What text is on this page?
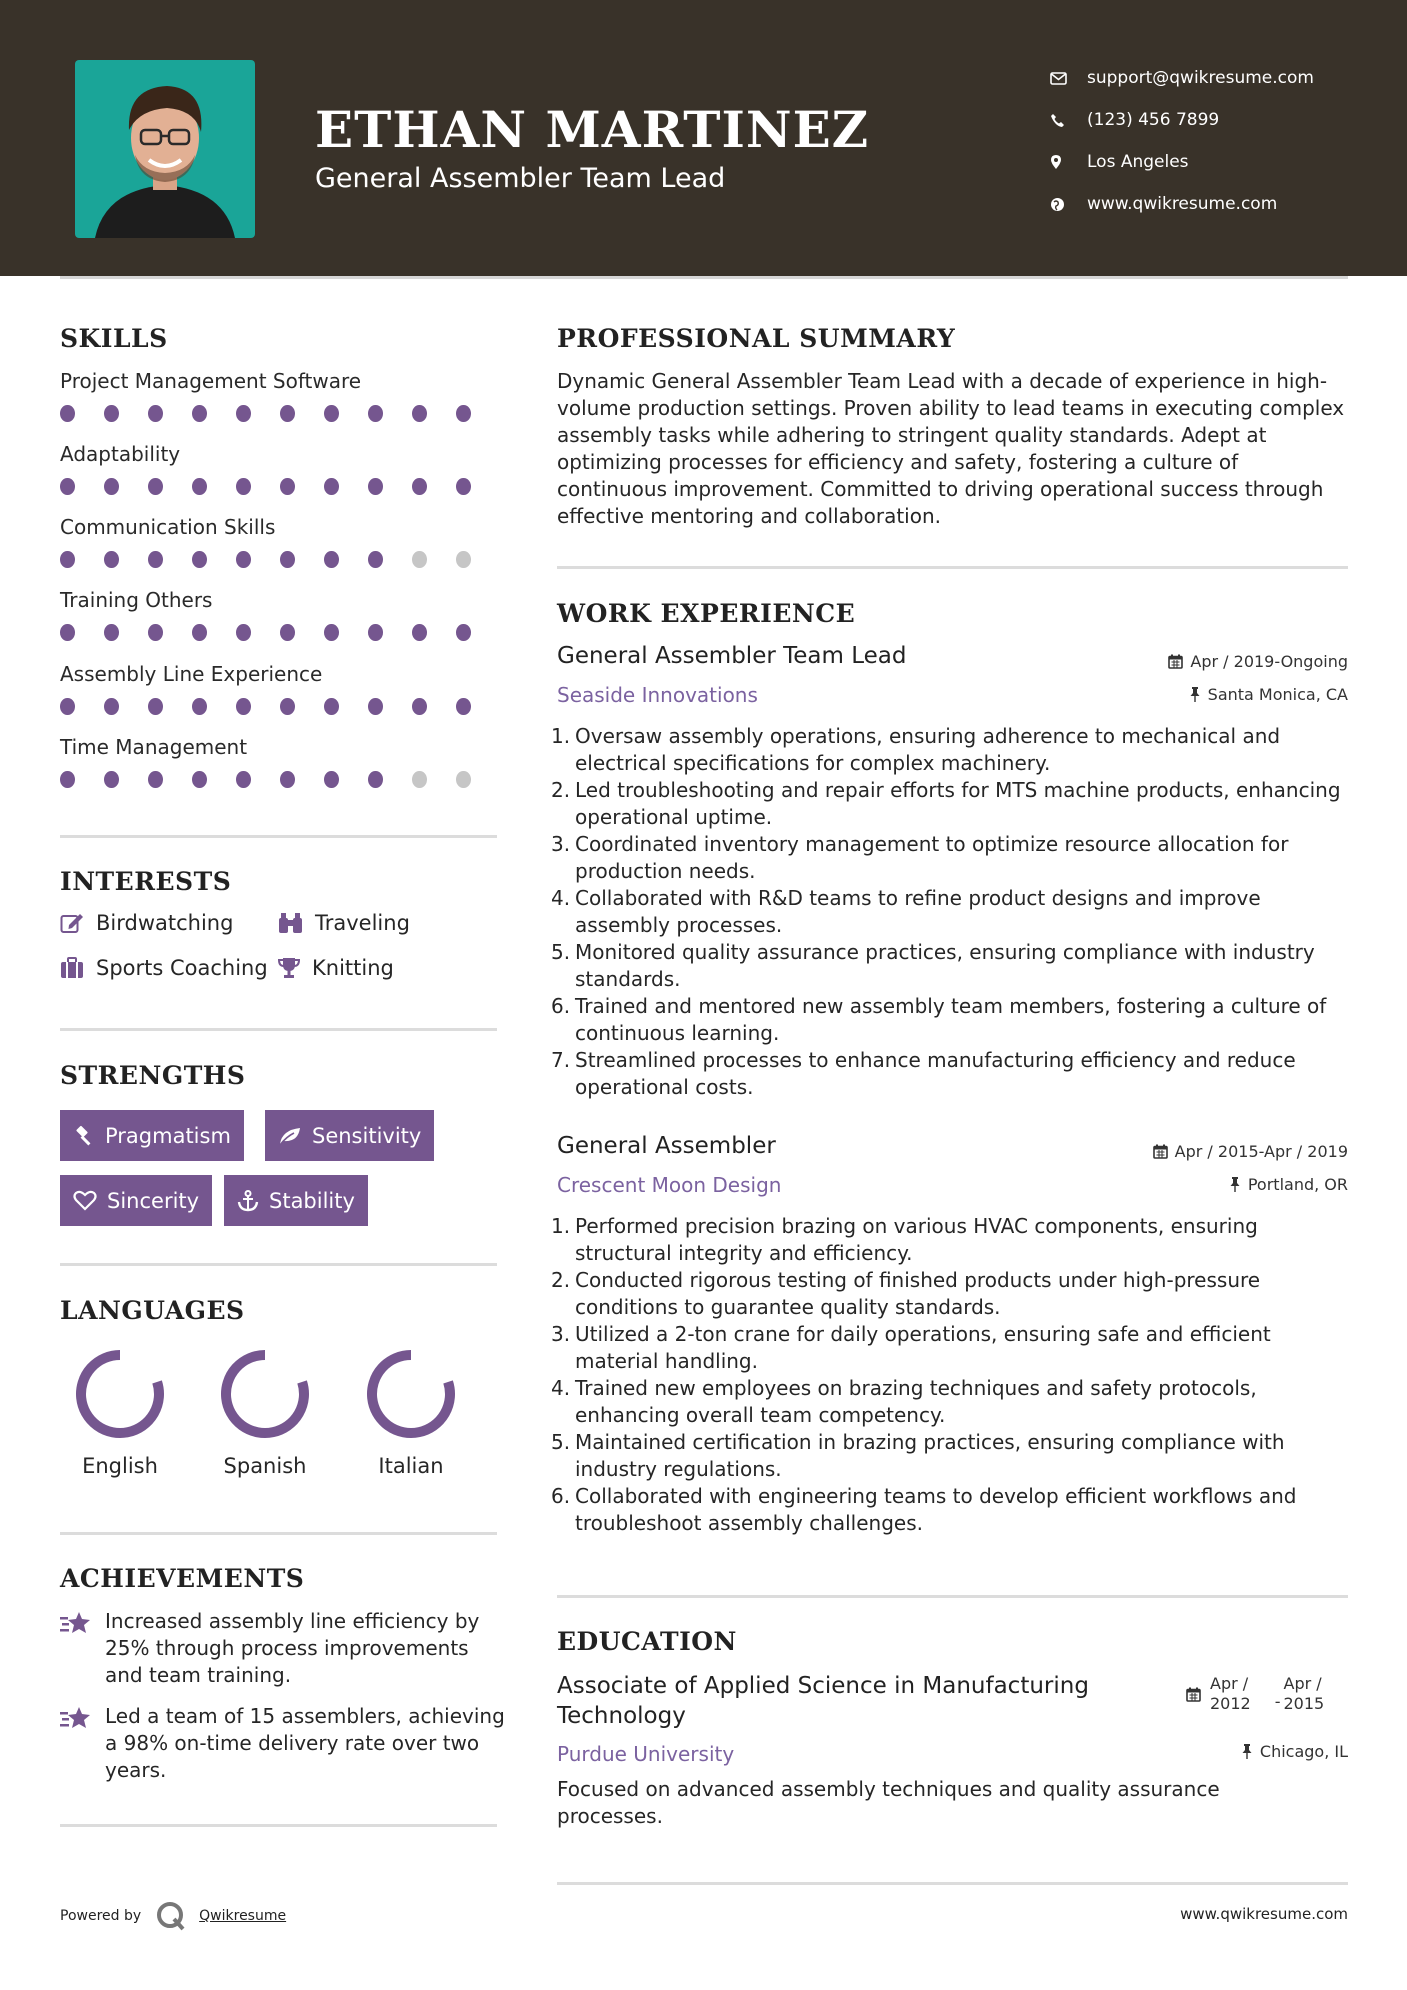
ETHAN MARTINEZ
General Assembler Team Lead
support@qwikresume.com
(123) 456 7899
Los Angeles
www.qwikresume.com
SKILLS
Project Management Software
Adaptability
Communication Skills
Training Others
Assembly Line Experience
Time Management
INTERESTS
Birdwatching	Traveling
Sports Coaching Knitting
STRENGTHS
Pragmatism	Sensitivity
Sincerity	Stability
LANGUAGES
English	Spanish	Italian
ACHIEVEMENTS
Increased assembly line efficiency by 25% through process improvements and team training.
Led a team of 15 assemblers, achieving a 98% on-time delivery rate over two years.
PROFESSIONAL SUMMARY
Dynamic General Assembler Team Lead with a decade of experience in high-volume production settings. Proven ability to lead teams in executing complex assembly tasks while adhering to stringent quality standards. Adept at optimizing processes for efficiency and safety, fostering a culture of continuous improvement. Committed to driving operational success through effective mentoring and collaboration.
WORK EXPERIENCE
General Assembler Team Lead	Apr / 2019-Ongoing
Seaside Innovations	Santa Monica, CA
1. Oversaw assembly operations, ensuring adherence to mechanical and electrical specifications for complex machinery.
2. Led troubleshooting and repair efforts for MTS machine products, enhancing operational uptime.
3. Coordinated inventory management to optimize resource allocation for production needs.
4. Collaborated with R&D teams to refine product designs and improve assembly processes.
5. Monitored quality assurance practices, ensuring compliance with industry standards.
6. Trained and mentored new assembly team members, fostering a culture of continuous learning.
7. Streamlined processes to enhance manufacturing efficiency and reduce operational costs.
General Assembler	Apr / 2015-Apr / 2019
Crescent Moon Design	Portland, OR
1. Performed precision brazing on various HVAC components, ensuring structural integrity and efficiency.
2. Conducted rigorous testing of finished products under high-pressure conditions to guarantee quality standards.
3. Utilized a 2-ton crane for daily operations, ensuring safe and efficient material handling.
4. Trained new employees on brazing techniques and safety protocols, enhancing overall team competency.
5. Maintained certification in brazing practices, ensuring compliance with industry regulations.
6. Collaborated with engineering teams to develop efficient workflows and troubleshoot assembly challenges.
EDUCATION
Associate of Applied Science in Manufacturing
Technology
Apr /
2012 -
Apr /
2015
Purdue University	Chicago, IL
Focused on advanced assembly techniques and quality assurance processes.
Powered by	Qwikresume	www.qwikresume.com
